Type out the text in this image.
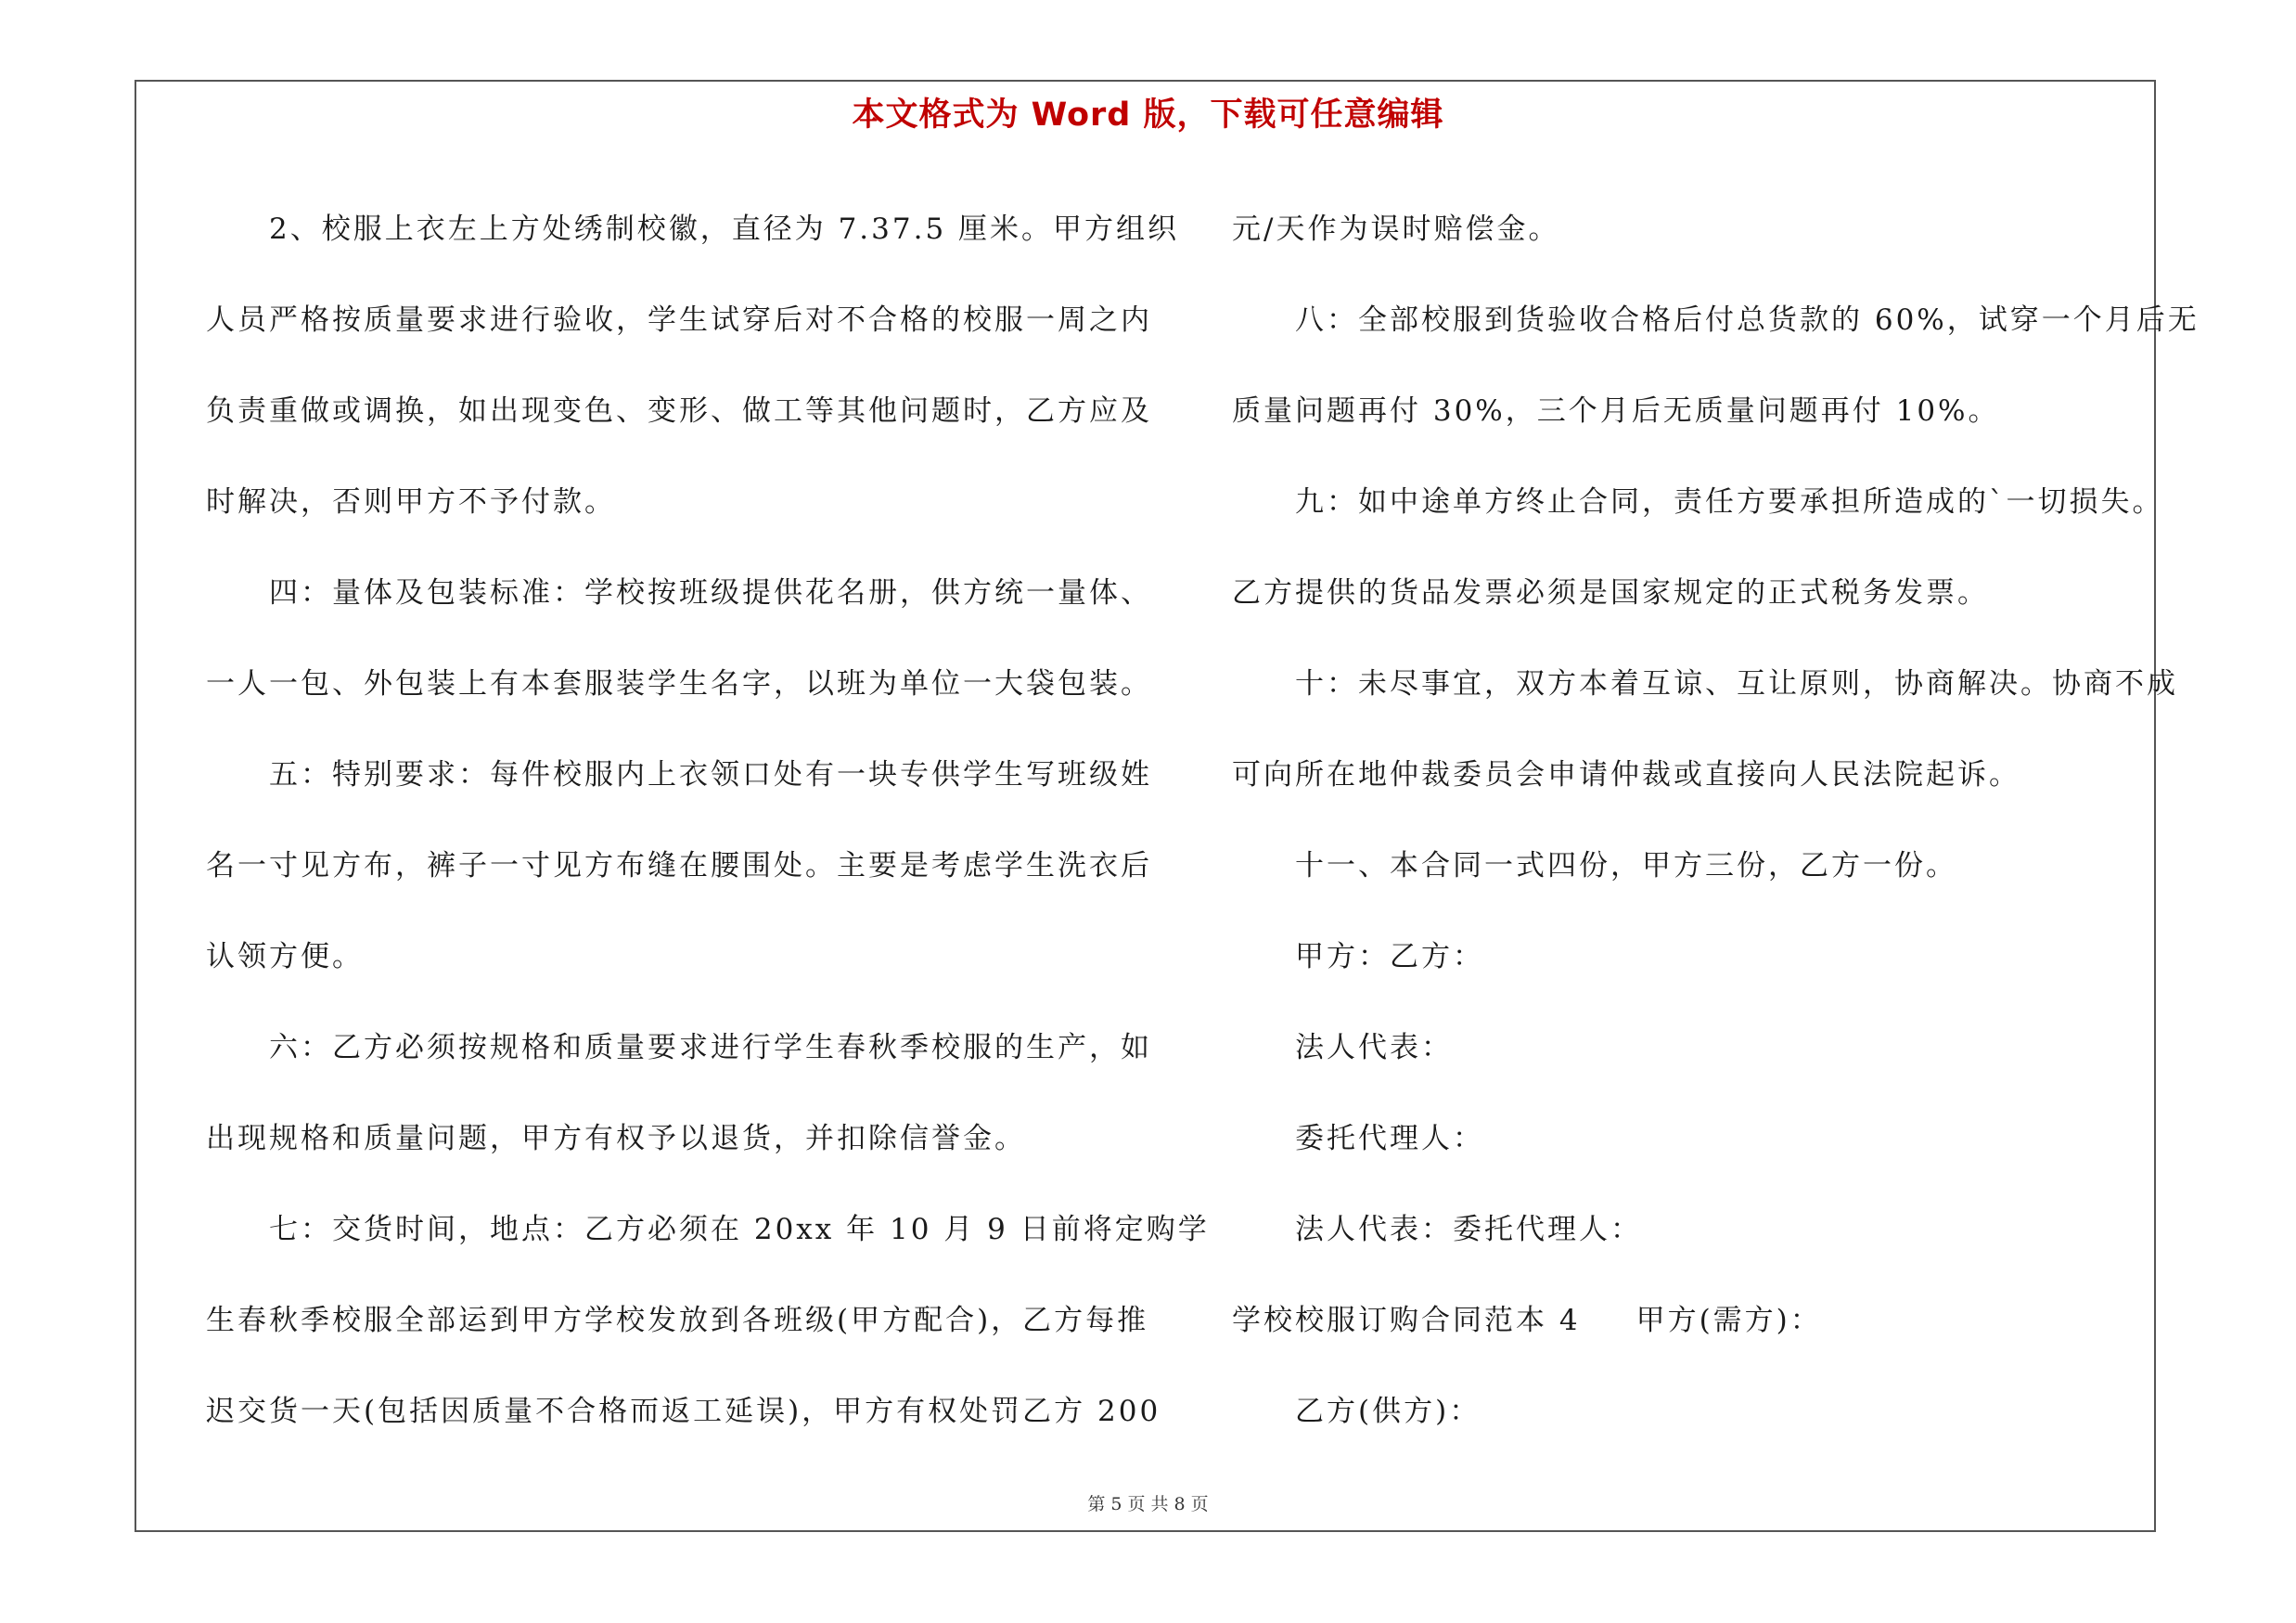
本文格式为 Word 版，下载可任意编辑
2、校服上衣左上方处绣制校徽，直径为 7.37.5 厘米。甲方组织
人员严格按质量要求进行验收，学生试穿后对不合格的校服一周之内
负责重做或调换，如出现变色、变形、做工等其他问题时，乙方应及
时解决，否则甲方不予付款。
四：量体及包装标准：学校按班级提供花名册，供方统一量体、
一人一包、外包装上有本套服装学生名字，以班为单位一大袋包装。
五：特别要求：每件校服内上衣领口处有一块专供学生写班级姓
名一寸见方布，裤子一寸见方布缝在腰围处。主要是考虑学生洗衣后
认领方便。
六：乙方必须按规格和质量要求进行学生春秋季校服的生产，如
出现规格和质量问题，甲方有权予以退货，并扣除信誉金。
七：交货时间，地点：乙方必须在 20xx 年 10 月 9 日前将定购学
生春秋季校服全部运到甲方学校发放到各班级(甲方配合)，乙方每推
迟交货一天(包括因质量不合格而返工延误)，甲方有权处罚乙方 200
元/天作为误时赔偿金。
八：全部校服到货验收合格后付总货款的 60%，试穿一个月后无
质量问题再付 30%，三个月后无质量问题再付 10%。
九：如中途单方终止合同，责任方要承担所造成的`一切损失。
乙方提供的货品发票必须是国家规定的正式税务发票。
十：未尽事宜，双方本着互谅、互让原则，协商解决。协商不成
可向所在地仲裁委员会申请仲裁或直接向人民法院起诉。
十一、本合同一式四份，甲方三份，乙方一份。
甲方：乙方：
法人代表：
委托代理人：
法人代表：委托代理人：
学校校服订购合同范本 4 甲方(需方)：
乙方(供方)：
第 5 页 共 8 页
